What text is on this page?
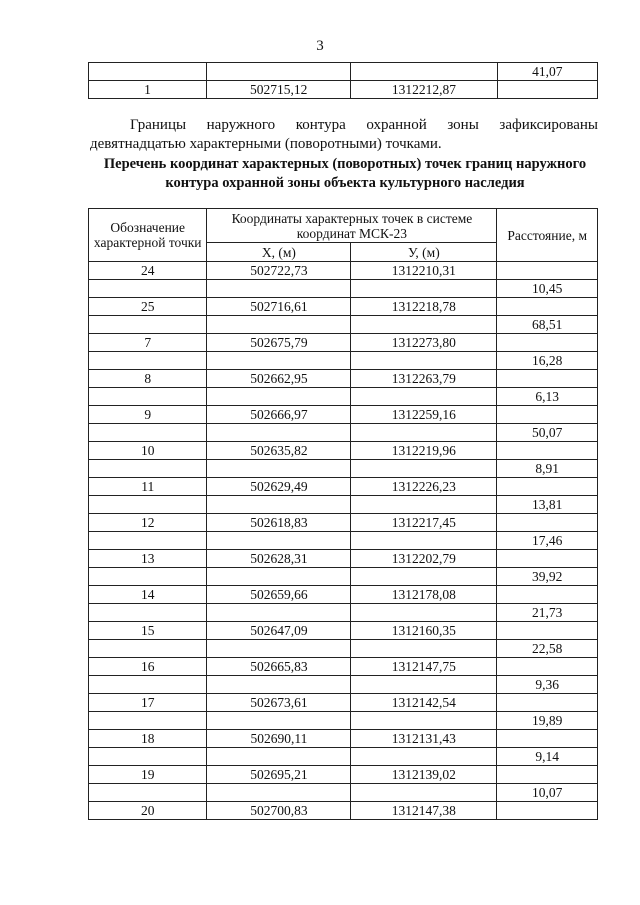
3
			41,07
1	502715,12	1312212,87	
Границы наружного контура охранной зоны зафиксированы
девятнадцатью характерными (поворотными) точками.
Перечень координат характерных (поворотных) точек границ наружного
контура охранной зоны объекта культурного наследия
Обозначение характерной точки	Координаты характерных точек в системе координат МСК-23		Расстояние, м
	X, (м)	У, (м)	
24	502722,73	1312210,31	
			10,45
25	502716,61	1312218,78	
			68,51
7	502675,79	1312273,80	
			16,28
8	502662,95	1312263,79	
			6,13
9	502666,97	1312259,16	
			50,07
10	502635,82	1312219,96	
			8,91
11	502629,49	1312226,23	
			13,81
12	502618,83	1312217,45	
			17,46
13	502628,31	1312202,79	
			39,92
14	502659,66	1312178,08	
			21,73
15	502647,09	1312160,35	
			22,58
16	502665,83	1312147,75	
			9,36
17	502673,61	1312142,54	
			19,89
18	502690,11	1312131,43	
			9,14
19	502695,21	1312139,02	
			10,07
20	502700,83	1312147,38	
